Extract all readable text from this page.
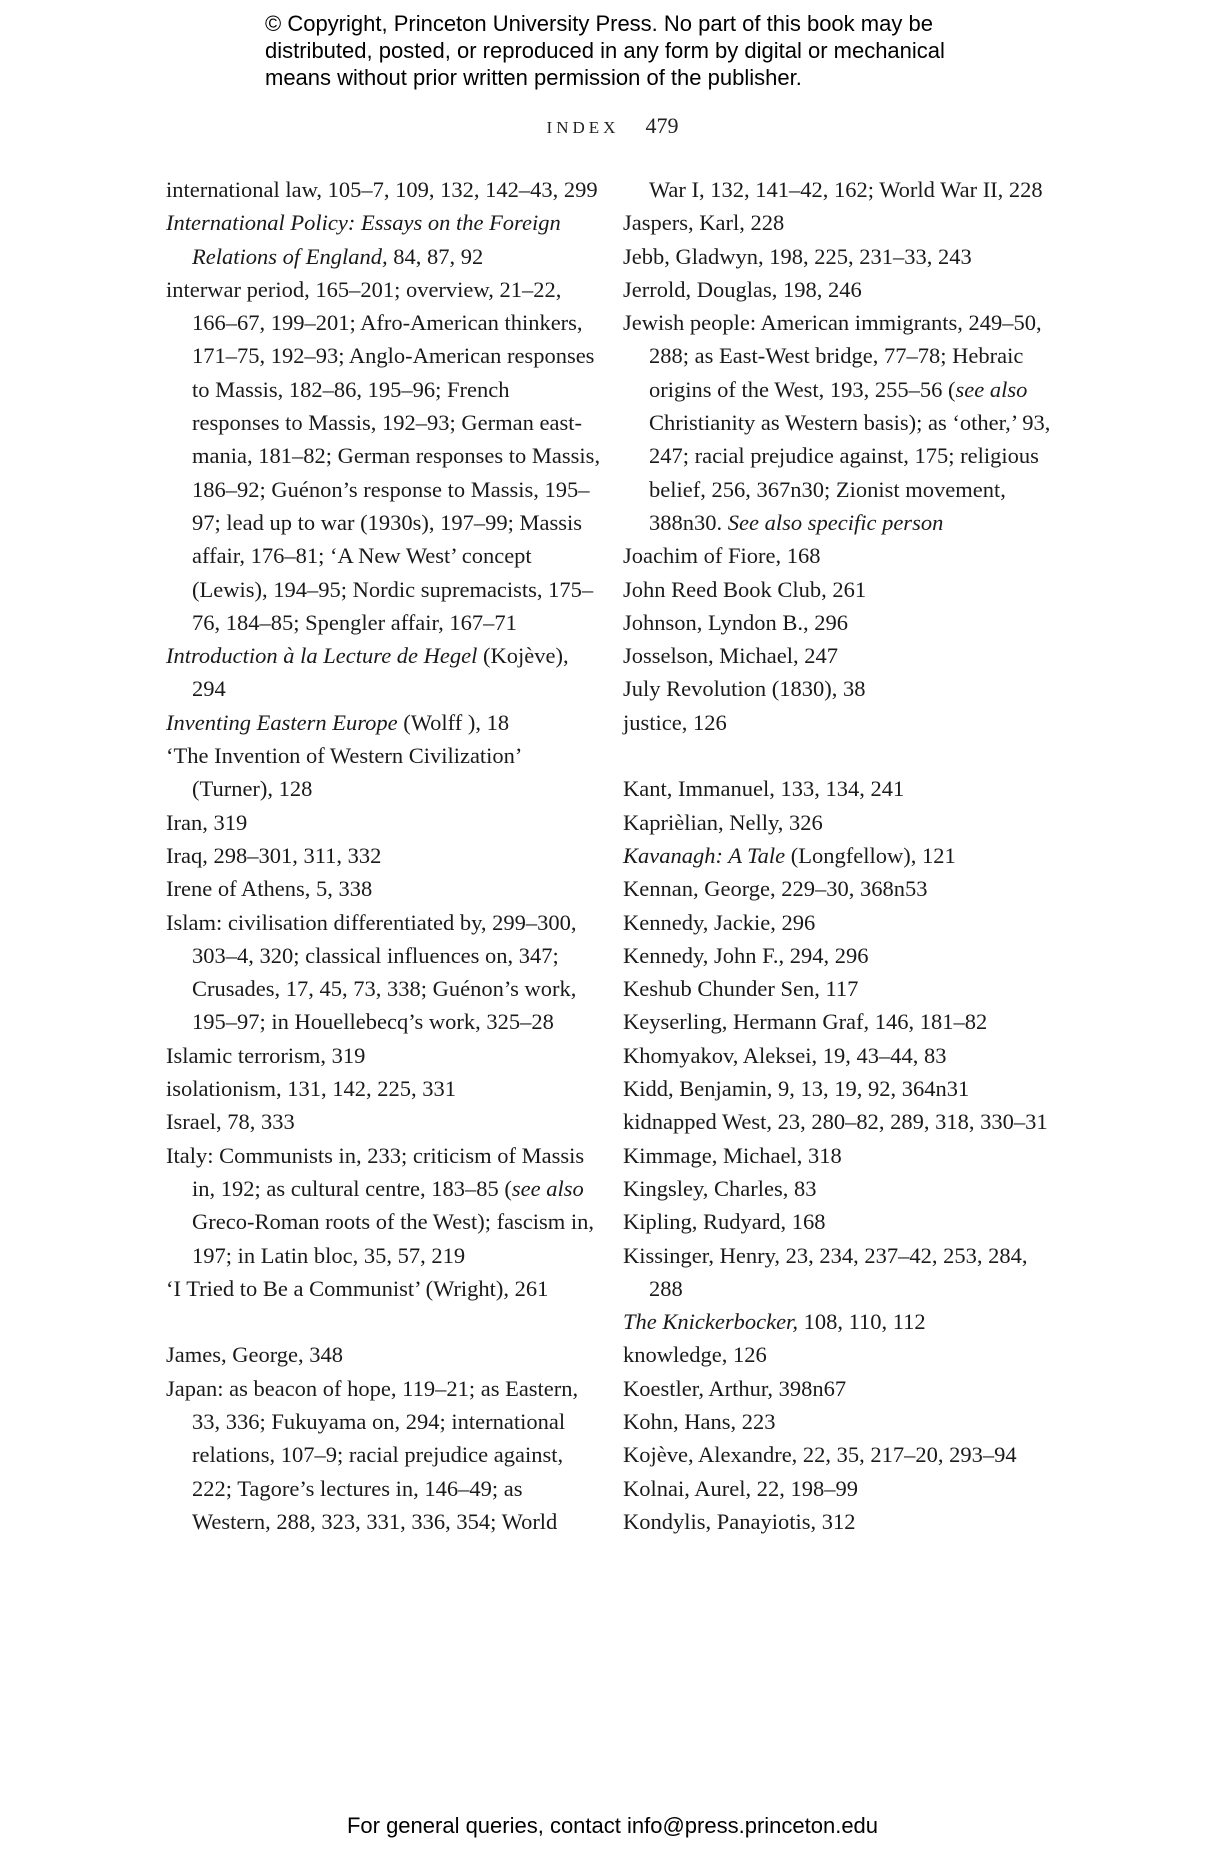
© Copyright, Princeton University Press. No part of this book may be
distributed, posted, or reproduced in any form by digital or mechanical
means without prior written permission of the publisher.
INDEX 479

international law, 105–7, 109, 132, 142–43, 299

International Policy: Essays on the Foreign Relations of England, 84, 87, 92

interwar period, 165–201; overview, 21–22, 166–67, 199–201; Afro-American thinkers, 171–75, 192–93; Anglo-American responses to Massis, 182–86, 195–96; French responses to Massis, 192–93; German east-mania, 181–82; German responses to Massis, 186–92; Guénon’s response to Massis, 195–97; lead up to war (1930s), 197–99; Massis affair, 176–81; ‘A New West’ concept (Lewis), 194–95; Nordic supremacists, 175–76, 184–85; Spengler affair, 167–71

Introduction à la Lecture de Hegel (Kojève), 294

Inventing Eastern Europe (Wolff ), 18

‘The Invention of Western Civilization’ (Turner), 128

Iran, 319

Iraq, 298–301, 311, 332

Irene of Athens, 5, 338

Islam: civilisation differentiated by, 299–300, 303–4, 320; classical influences on, 347; Crusades, 17, 45, 73, 338; Guénon’s work, 195–97; in Houellebecq’s work, 325–28

Islamic terrorism, 319

isolationism, 131, 142, 225, 331

Israel, 78, 333

Italy: Communists in, 233; criticism of Massis in, 192; as cultural centre, 183–85 (see also Greco-Roman roots of the West); fascism in, 197; in Latin bloc, 35, 57, 219

‘I Tried to Be a Communist’ (Wright), 261

James, George, 348

Japan: as beacon of hope, 119–21; as Eastern, 33, 336; Fukuyama on, 294; international relations, 107–9; racial prejudice against, 222; Tagore’s lectures in, 146–49; as Western, 288, 323, 331, 336, 354; World

War I, 132, 141–42, 162; World War II, 228

Jaspers, Karl, 228

Jebb, Gladwyn, 198, 225, 231–33, 243

Jerrold, Douglas, 198, 246

Jewish people: American immigrants, 249–50, 288; as East-West bridge, 77–78; Hebraic origins of the West, 193, 255–56 (see also Christianity as Western basis); as ‘other,’ 93, 247; racial prejudice against, 175; religious belief, 256, 367n30; Zionist movement, 388n30. See also specific person

Joachim of Fiore, 168

John Reed Book Club, 261

Johnson, Lyndon B., 296

Josselson, Michael, 247

July Revolution (1830), 38

justice, 126

Kant, Immanuel, 133, 134, 241

Kaprièlian, Nelly, 326

Kavanagh: A Tale (Longfellow), 121

Kennan, George, 229–30, 368n53

Kennedy, Jackie, 296

Kennedy, John F., 294, 296

Keshub Chunder Sen, 117

Keyserling, Hermann Graf, 146, 181–82

Khomyakov, Aleksei, 19, 43–44, 83

Kidd, Benjamin, 9, 13, 19, 92, 364n31

kidnapped West, 23, 280–82, 289, 318, 330–31

Kimmage, Michael, 318

Kingsley, Charles, 83

Kipling, Rudyard, 168

Kissinger, Henry, 23, 234, 237–42, 253, 284, 288

The Knickerbocker, 108, 110, 112

knowledge, 126

Koestler, Arthur, 398n67

Kohn, Hans, 223

Kojève, Alexandre, 22, 35, 217–20, 293–94

Kolnai, Aurel, 22, 198–99

Kondylis, Panayiotis, 312

For general queries, contact info@press.princeton.edu
